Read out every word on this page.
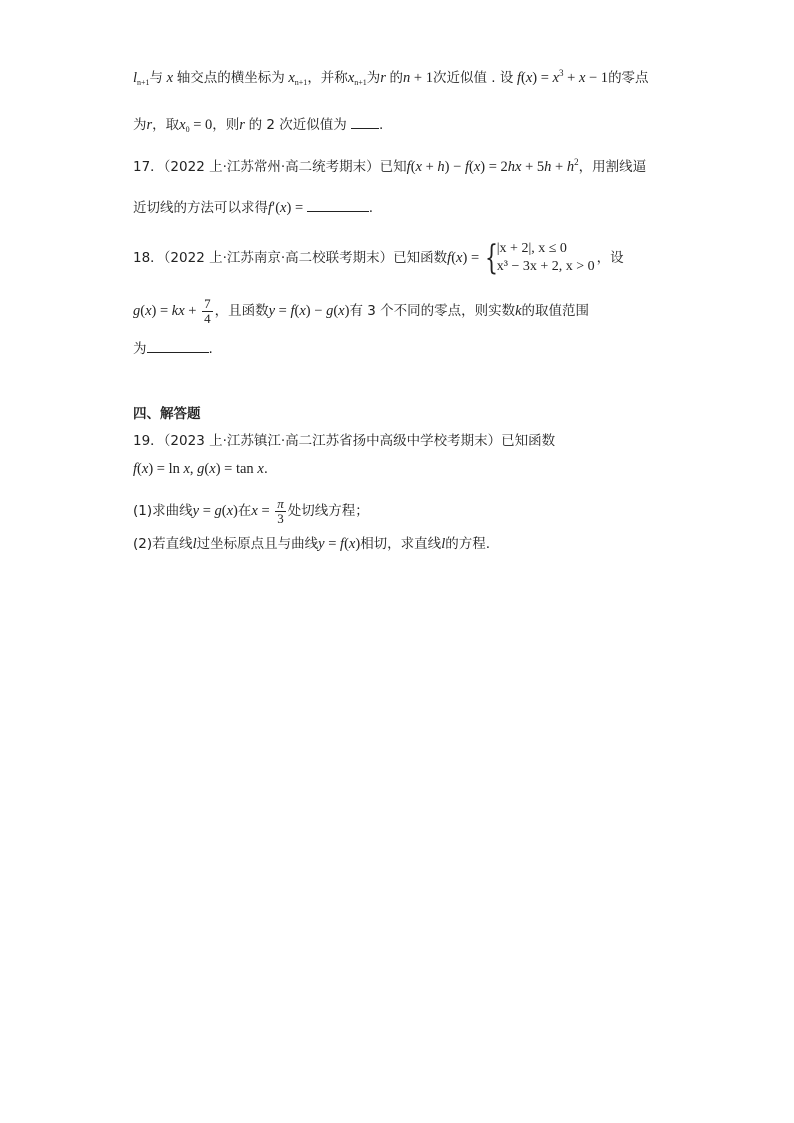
$l_{n+1}$与 x 轴交点的横坐标为 $x_{n+1}$，并称$x_{n+1}$为r 的n + 1次近似值 . 设 $f(x) = x^3 + x - 1$的零点
为r，取$x_0 = 0$，则r 的 2 次近似值为 .
17．（2022 上·江苏常州·高二统考期末）已知$f(x + h) - f(x) = 2hx + 5h + h^2$，用割线逼
近切线的方法可以求得f′(x) =	.
18．（2022 上·江苏南京·高二校联考期末）已知函数f(x) = { |x + 2|, x ≤ 0
x³ − 3x + 2, x > 0
，设
g(x) = kx + $\frac{7}{4}$ ，且函数y = f(x) − g(x)有 3 个不同的零点，则实数k的取值范围
为	.
四、解答题
19．（2023 上·江苏镇江·高二江苏省扬中高级中学校考期末）已知函数
f(x) = ln x, g(x) = tan x.
(1)求曲线y = g(x)在$x = \frac{\pi}{3}$ 处切线方程；
(2)若直线l过坐标原点且与曲线y = f(x)相切，求直线l的方程.
